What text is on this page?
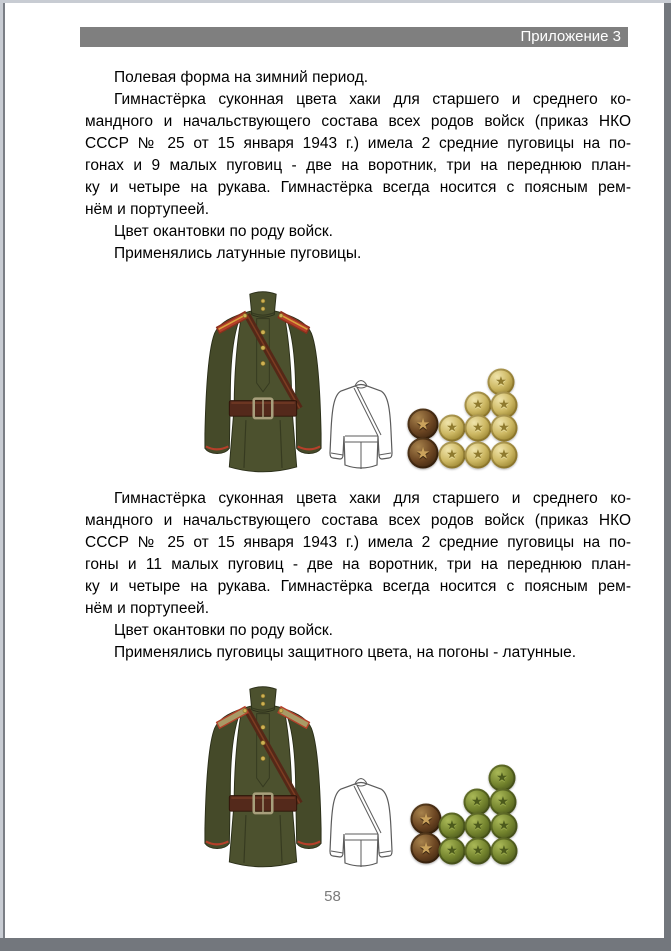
Приложение 3
Полевая форма на зимний период.
Гимнастёрка суконная цвета хаки для старшего и среднего ко-
мандного и начальствующего состава всех родов войск (приказ НКО
СССР № 25 от 15 января 1943 г.) имела 2 средние пуговицы на по-
гонах и 9 малых пуговиц - две на воротник, три на переднюю план-
ку и четыре на рукава. Гимнастёрка всегда носится с поясным рем-
нём и портупеей.
Цвет окантовки по роду войск.
Применялись латунные пуговицы.
★
★
★
★
★
★
★
★
★
★
★
Гимнастёрка суконная цвета хаки для старшего и среднего ко-
мандного и начальствующего состава всех родов войск (приказ НКО
СССР № 25 от 15 января 1943 г.) имела 2 средние пуговицы на по-
гоны и 11 малых пуговиц - две на воротник, три на переднюю план-
ку и четыре на рукава. Гимнастёрка всегда носится с поясным рем-
нём и портупеей.
Цвет окантовки по роду войск.
Применялись пуговицы защитного цвета, на погоны - латунные.
★
★
★
★
★
★
★
★
★
★
★
58
